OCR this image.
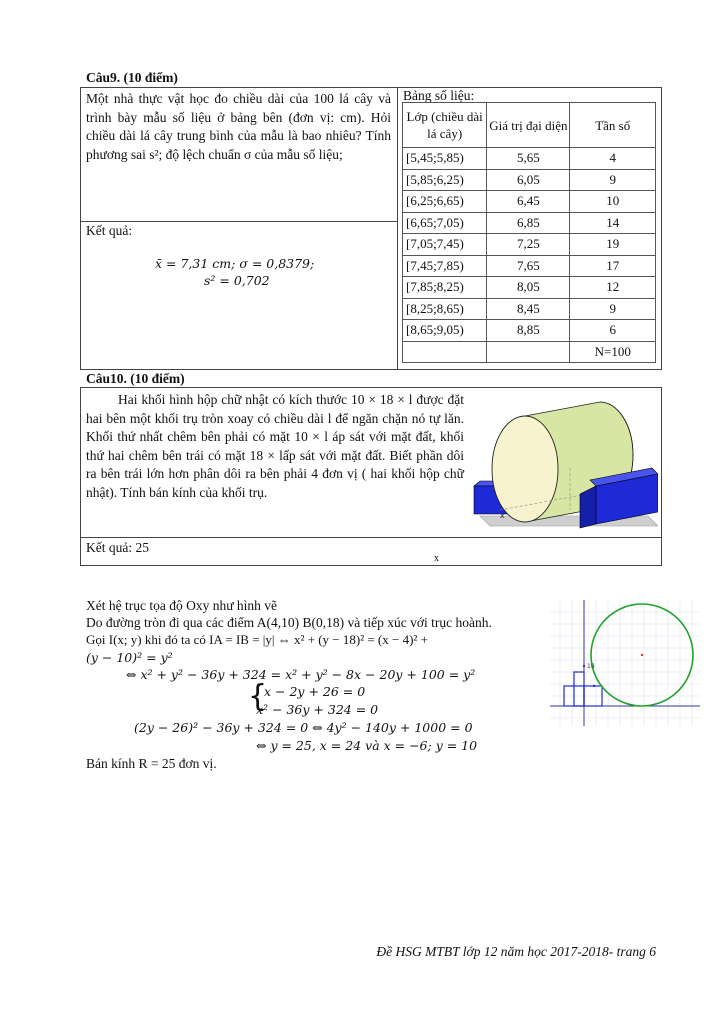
Câu9. (10 điểm)
Một nhà thực vật học đo chiều dài của 100 lá cây và trình bày mẫu số liệu ở bảng bên (đơn vị: cm). Hỏi chiều dài lá cây trung bình của mẫu là bao nhiêu? Tính phương sai s²; độ lệch chuẩn σ của mẫu số liệu;
Kết quả:
x̄ = 7,31 cm; σ = 0,8379;
s² = 0,702
Bảng số liệu:
Lớp (chiều dài lá cây)	Giá trị đại diện	Tần số
[5,45;5,85)	5,65	4
[5,85;6,25)	6,05	9
[6,25;6,65)	6,45	10
[6,65;7,05)	6,85	14
[7,05;7,45)	7,25	19
[7,45;7,85)	7,65	17
[7,85;8,25)	8,05	12
[8,25;8,65)	8,45	9
[8,65;9,05)	8,85	6
		N=100
Câu10. (10 điểm)
Hai khối hình hộp chữ nhật có kích thước 10 × 18 × l được đặt hai bên một khối trụ tròn xoay có chiều dài l để ngăn chặn nó tự lăn. Khối thứ nhất chêm bên phải có mặt 10 × l áp sát với mặt đất, khối thứ hai chêm bên trái có mặt 18 × lấp sát với mặt đất. Biết phần dôi ra bên trái lớn hơn phân dôi ra bên phải 4 đơn vị ( hai khối hộp chữ nhật). Tính bán kính của khối trụ.
x
Kết quả: 25
x
Xét hệ trục tọa độ Oxy như hình vẽ
Do đường tròn đi qua các điểm A(4,10) B(0,18) và tiếp xúc với trục hoành.
Gọi I(x; y) khi đó ta có IA = IB = |y| ⇔ x² + (y − 18)² = (x − 4)² +
(y − 10)² = y²
⇔ x² + y² − 36y + 324 = x² + y² − 8x − 20y + 100 = y²
{
x − 2y + 26 = 0
x² − 36y + 324 = 0
(2y − 26)² − 36y + 324 = 0 ⇔ 4y² − 140y + 1000 = 0
⇔ y = 25, x = 24 và x = −6; y = 10
Bán kính R = 25 đơn vị.
18
Đề HSG MTBT lớp 12 năm học 2017-2018- trang 6
